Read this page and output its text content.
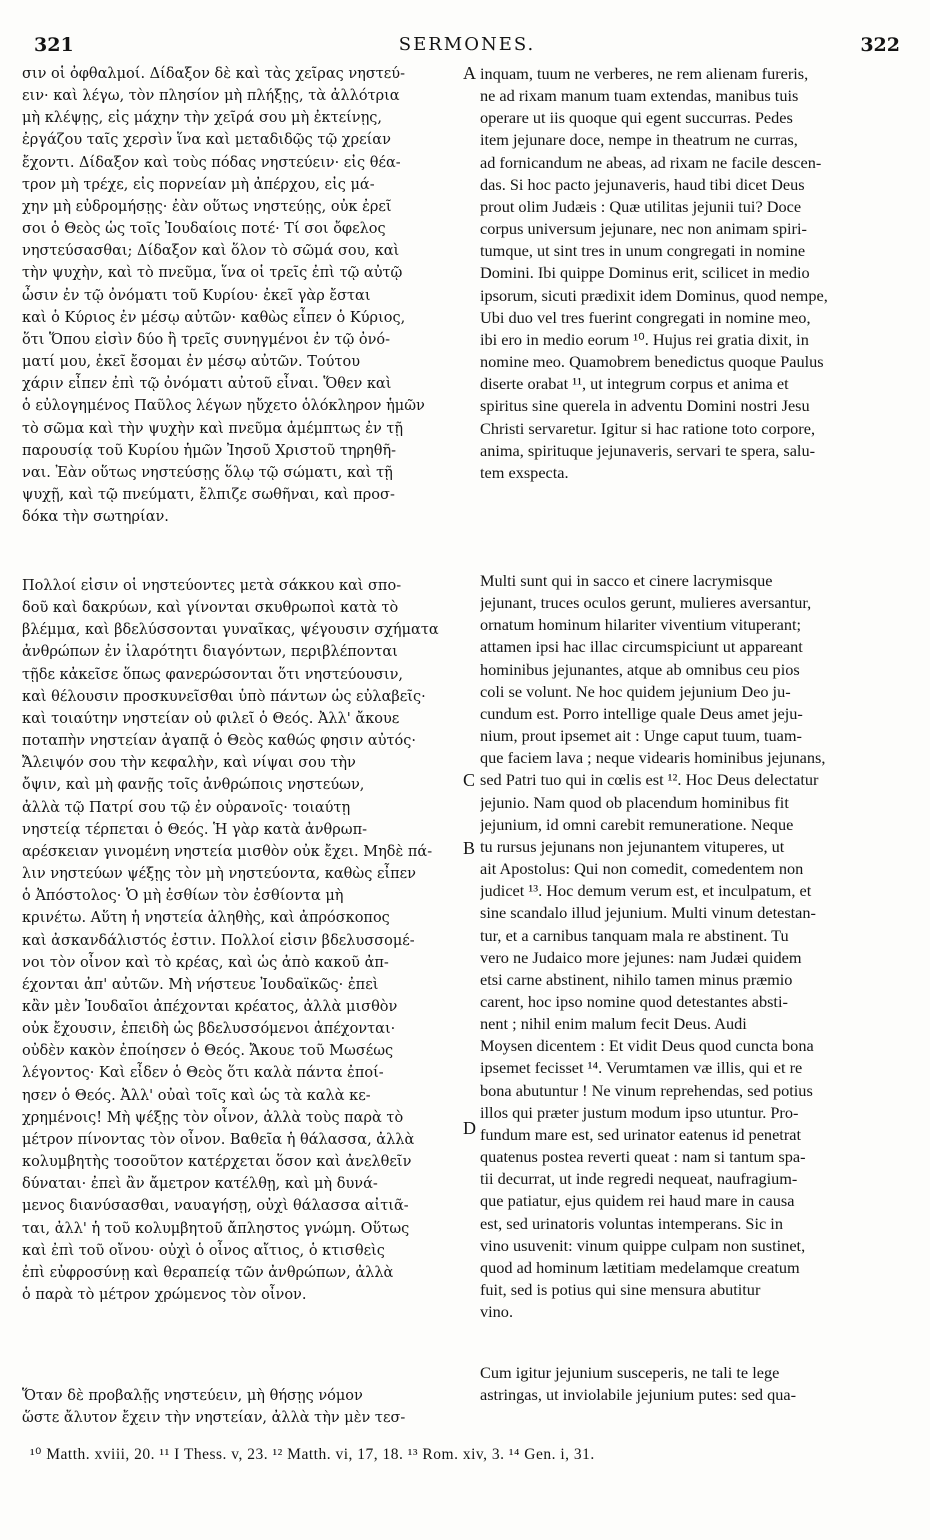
321	SERMONES.	322

σιν οἱ ὀφθαλμοί. Δίδαξον δὲ καὶ τὰς χεῖρας νηστεύ-

ειν· καὶ λέγω, τὸν πλησίον μὴ πλήξῃς, τὰ ἀλλότρια

μὴ κλέψῃς, εἰς μάχην τὴν χεῖρά σου μὴ ἐκτείνῃς,

ἐργάζου ταῖς χερσὶν ἵνα καὶ μεταδιδῷς τῷ χρείαν

ἔχοντι. Δίδαξον καὶ τοὺς πόδας νηστεύειν· εἰς θέα-

τρον μὴ τρέχε, εἰς πορνείαν μὴ ἀπέρχου, εἰς μά-

χην μὴ εὐδρομήσῃς· ἐὰν οὕτως νηστεύῃς, οὐκ ἐρεῖ

σοι ὁ Θεὸς ὡς τοῖς Ἰουδαίοις ποτέ· Τί σοι ὄφελος

νηστεύσασθαι; Δίδαξον καὶ ὅλον τὸ σῶμά σου, καὶ

τὴν ψυχὴν, καὶ τὸ πνεῦμα, ἵνα οἱ τρεῖς ἐπὶ τῷ αὐτῷ

ὦσιν ἐν τῷ ὀνόματι τοῦ Κυρίου· ἐκεῖ γὰρ ἔσται

καὶ ὁ Κύριος ἐν μέσῳ αὐτῶν· καθὼς εἶπεν ὁ Κύριος,

ὅτι Ὅπου εἰσὶν δύο ἢ τρεῖς συνηγμένοι ἐν τῷ ὀνό-

ματί μου, ἐκεῖ ἔσομαι ἐν μέσῳ αὐτῶν. Τούτου

χάριν εἶπεν ἐπὶ τῷ ὀνόματι αὐτοῦ εἶναι. Ὅθεν καὶ

ὁ εὐλογημένος Παῦλος λέγων ηὔχετο ὁλόκληρον ἡμῶν

τὸ σῶμα καὶ τὴν ψυχὴν καὶ πνεῦμα ἀμέμπτως ἐν τῇ

παρουσίᾳ τοῦ Κυρίου ἡμῶν Ἰησοῦ Χριστοῦ τηρηθῆ-

ναι. Ἐὰν οὕτως νηστεύσῃς ὅλῳ τῷ σώματι, καὶ τῇ

ψυχῇ, καὶ τῷ πνεύματι, ἔλπιζε σωθῆναι, καὶ προσ-

δόκα τὴν σωτηρίαν.

Πολλοί εἰσιν οἱ νηστεύοντες μετὰ σάκκου καὶ σπο-

δοῦ καὶ δακρύων, καὶ γίνονται σκυθρωποὶ κατὰ τὸ

βλέμμα, καὶ βδελύσσονται γυναῖκας, ψέγουσιν σχήματα

ἀνθρώπων ἐν ἱλαρότητι διαγόντων, περιβλέπονται

τῇδε κἀκεῖσε ὅπως φανερώσονται ὅτι νηστεύουσιν,

καὶ θέλουσιν προσκυνεῖσθαι ὑπὸ πάντων ὡς εὐλαβεῖς·

καὶ τοιαύτην νηστείαν οὐ φιλεῖ ὁ Θεός. Ἀλλ' ἄκουε

ποταπὴν νηστείαν ἀγαπᾷ ὁ Θεὸς καθώς φησιν αὐτός·

Ἄλειψόν σου τὴν κεφαλὴν, καὶ νίψαι σου τὴν

ὄψιν, καὶ μὴ φανῇς τοῖς ἀνθρώποις νηστεύων,

ἀλλὰ τῷ Πατρί σου τῷ ἐν οὐρανοῖς· τοιαύτῃ

νηστείᾳ τέρπεται ὁ Θεός. Ἡ γὰρ κατὰ ἀνθρωπ-

αρέσκειαν γινομένη νηστεία μισθὸν οὐκ ἔχει. Μηδὲ πά-

λιν νηστεύων ψέξῃς τὸν μὴ νηστεύοντα, καθὼς εἶπεν

ὁ Ἀπόστολος· Ὁ μὴ ἐσθίων τὸν ἐσθίοντα μὴ

κρινέτω. Αὕτη ἡ νηστεία ἀληθὴς, καὶ ἀπρόσκοπος

καὶ ἀσκανδάλιστός ἐστιν. Πολλοί εἰσιν βδελυσσομέ-

νοι τὸν οἶνον καὶ τὸ κρέας, καὶ ὡς ἀπὸ κακοῦ ἀπ-

έχονται ἀπ' αὐτῶν. Μὴ νήστευε Ἰουδαϊκῶς· ἐπεὶ

κἂν μὲν Ἰουδαῖοι ἀπέχονται κρέατος, ἀλλὰ μισθὸν

οὐκ ἔχουσιν, ἐπειδὴ ὡς βδελυσσόμενοι ἀπέχονται·

οὐδὲν κακὸν ἐποίησεν ὁ Θεός. Ἄκουε τοῦ Μωσέως

λέγοντος· Καὶ εἶδεν ὁ Θεὸς ὅτι καλὰ πάντα ἐποί-

ησεν ὁ Θεός. Ἀλλ' οὐαὶ τοῖς καὶ ὡς τὰ καλὰ κε-

χρημένοις! Μὴ ψέξῃς τὸν οἶνον, ἀλλὰ τοὺς παρὰ τὸ

μέτρον πίνοντας τὸν οἶνον. Βαθεῖα ἡ θάλασσα, ἀλλὰ

κολυμβητὴς τοσοῦτον κατέρχεται ὅσον καὶ ἀνελθεῖν

δύναται· ἐπεὶ ἂν ἄμετρον κατέλθῃ, καὶ μὴ δυνά-

μενος διανύσασθαι, ναυαγήσῃ, οὐχὶ θάλασσα αἰτιᾶ-

ται, ἀλλ' ἡ τοῦ κολυμβητοῦ ἄπληστος γνώμη. Οὕτως

καὶ ἐπὶ τοῦ οἴνου· οὐχὶ ὁ οἶνος αἴτιος, ὁ κτισθεὶς

ἐπὶ εὐφροσύνῃ καὶ θεραπείᾳ τῶν ἀνθρώπων, ἀλλὰ

ὁ παρὰ τὸ μέτρον χρώμενος τὸν οἶνον.

Ὅταν δὲ προβαλῇς νηστεύειν, μὴ θήσῃς νόμον

ὥστε ἄλυτον ἔχειν τὴν νηστείαν, ἀλλὰ τὴν μὲν τεσ-

inquam, tuum ne verberes, ne rem alienam fureris,

ne ad rixam manum tuam extendas, manibus tuis

operare ut iis quoque qui egent succurras. Pedes

item jejunare doce, nempe in theatrum ne curras,

ad fornicandum ne abeas, ad rixam ne facile descen-

das. Si hoc pacto jejunaveris, haud tibi dicet Deus

prout olim Judæis : Quæ utilitas jejunii tui? Doce

corpus universum jejunare, nec non animam spiri-

tumque, ut sint tres in unum congregati in nomine

Domini. Ibi quippe Dominus erit, scilicet in medio

ipsorum, sicuti prædixit idem Dominus, quod nempe,

Ubi duo vel tres fuerint congregati in nomine meo,

ibi ero in medio eorum ¹⁰. Hujus rei gratia dixit, in

nomine meo. Quamobrem benedictus quoque Paulus

diserte orabat ¹¹, ut integrum corpus et anima et

spiritus sine querela in adventu Domini nostri Jesu

Christi servaretur. Igitur si hac ratione toto corpore,

anima, spirituque jejunaveris, servari te spera, salu-

tem exspecta.

Multi sunt qui in sacco et cinere lacrymisque

jejunant, truces oculos gerunt, mulieres aversantur,

ornatum hominum hilariter viventium vituperant;

attamen ipsi hac illac circumspiciunt ut appareant

hominibus jejunantes, atque ab omnibus ceu pios

coli se volunt. Ne hoc quidem jejunium Deo ju-

cundum est. Porro intellige quale Deus amet jeju-

nium, prout ipsemet ait : Unge caput tuum, tuam-

que faciem lava ; neque videaris hominibus jejunans,

sed Patri tuo qui in cœlis est ¹². Hoc Deus delectatur

jejunio. Nam quod ob placendum hominibus fit

jejunium, id omni carebit remuneratione. Neque

tu rursus jejunans non jejunantem vituperes, ut

ait Apostolus: Qui non comedit, comedentem non

judicet ¹³. Hoc demum verum est, et inculpatum, et

sine scandalo illud jejunium. Multi vinum detestan-

tur, et a carnibus tanquam mala re abstinent. Tu

vero ne Judaico more jejunes: nam Judæi quidem

etsi carne abstinent, nihilo tamen minus præmio

carent, hoc ipso nomine quod detestantes absti-

nent ; nihil enim malum fecit Deus. Audi

Moysen dicentem : Et vidit Deus quod cuncta bona

ipsemet fecisset ¹⁴. Verumtamen væ illis, qui et re

bona abutuntur ! Ne vinum reprehendas, sed potius

illos qui præter justum modum ipso utuntur. Pro-

fundum mare est, sed urinator eatenus id penetrat

quatenus postea reverti queat : nam si tantum spa-

tii decurrat, ut inde regredi nequeat, naufragium-

que patiatur, ejus quidem rei haud mare in causa

est, sed urinatoris voluntas intemperans. Sic in

vino usuvenit: vinum quippe culpam non sustinet,

quod ad hominum lætitiam medelamque creatum

fuit, sed is potius qui sine mensura abutitur

vino.

Cum igitur jejunium susceperis, ne tali te lege

astringas, ut inviolabile jejunium putes: sed qua-

A
B
C
D
¹⁰ Matth. xviii, 20. ¹¹ I Thess. v, 23. ¹² Matth. vi, 17, 18. ¹³ Rom. xiv, 3. ¹⁴ Gen. i, 31.
